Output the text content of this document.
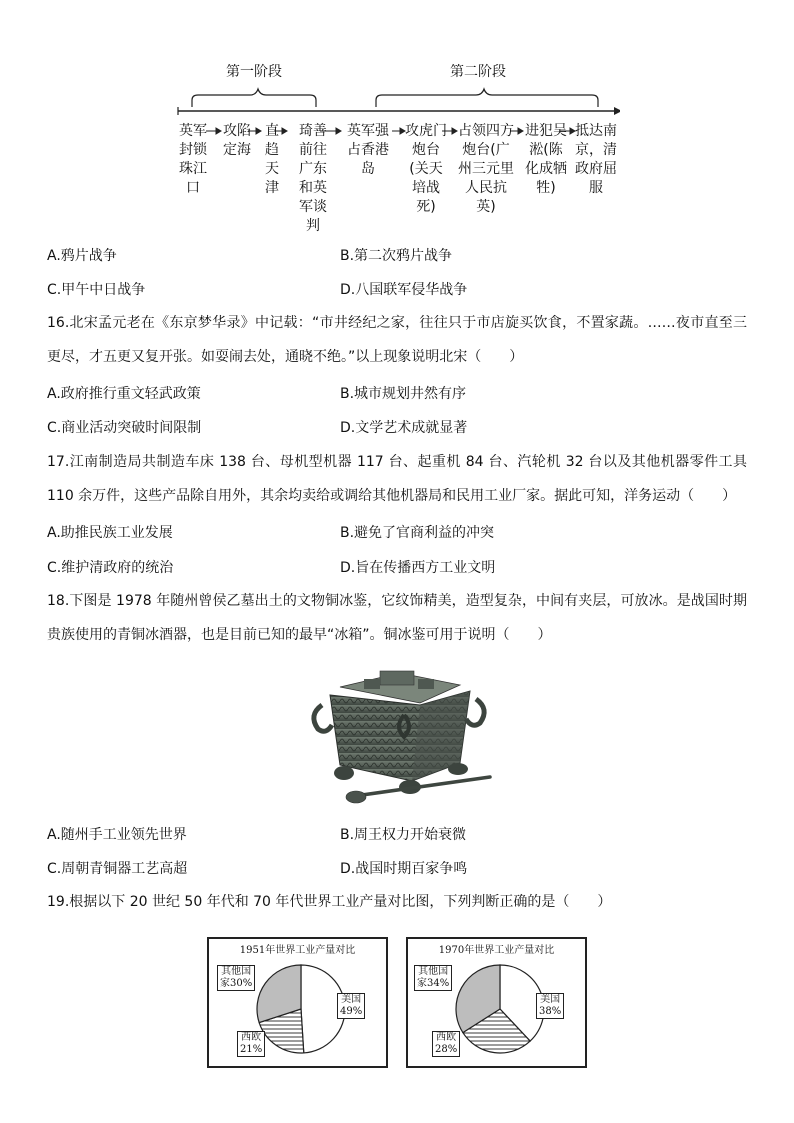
第一阶段	第二阶段
英军封锁珠江口
攻陷定海
直趋天津
琦善前往广东和英军谈判
英军强占香港岛
攻虎门炮台(关天培战死)
占领四方炮台(广州三元里人民抗英)
进犯吴淞(陈化成牺牲)
抵达南京，清政府屈服
A.鸦片战争	B.第二次鸦片战争
C.甲午中日战争	D.八国联军侵华战争
16.北宋孟元老在《东京梦华录》中记载：“市井经纪之家，往往只于市店旋买饮食，不置家蔬。……夜市直至三更尽，才五更又复开张。如耍闹去处，通晓不绝。”以上现象说明北宋（　　）
A.政府推行重文轻武政策	B.城市规划井然有序
C.商业活动突破时间限制	D.文学艺术成就显著
17.江南制造局共制造车床 138 台、母机型机器 117 台、起重机 84 台、汽轮机 32 台以及其他机器零件工具 110 余万件，这些产品除自用外，其余均卖给或调给其他机器局和民用工业厂家。据此可知，洋务运动（　　）
A.助推民族工业发展	B.避免了官商利益的冲突
C.维护清政府的统治	D.旨在传播西方工业文明
18.下图是 1978 年随州曾侯乙墓出土的文物铜冰鉴，它纹饰精美，造型复杂，中间有夹层，可放冰。是战国时期贵族使用的青铜冰酒器，也是目前已知的最早“冰箱”。铜冰鉴可用于说明（　　）
A.随州手工业领先世界	B.周王权力开始衰微
C.周朝青铜器工艺高超	D.战国时期百家争鸣
19.根据以下 20 世纪 50 年代和 70 年代世界工业产量对比图，下列判断正确的是（　　）
1951年世界工业产量对比
美国
49%
西欧
21%
其他国
家30%
1970年世界工业产量对比
美国
38%
西欧
28%
其他国
家34%
